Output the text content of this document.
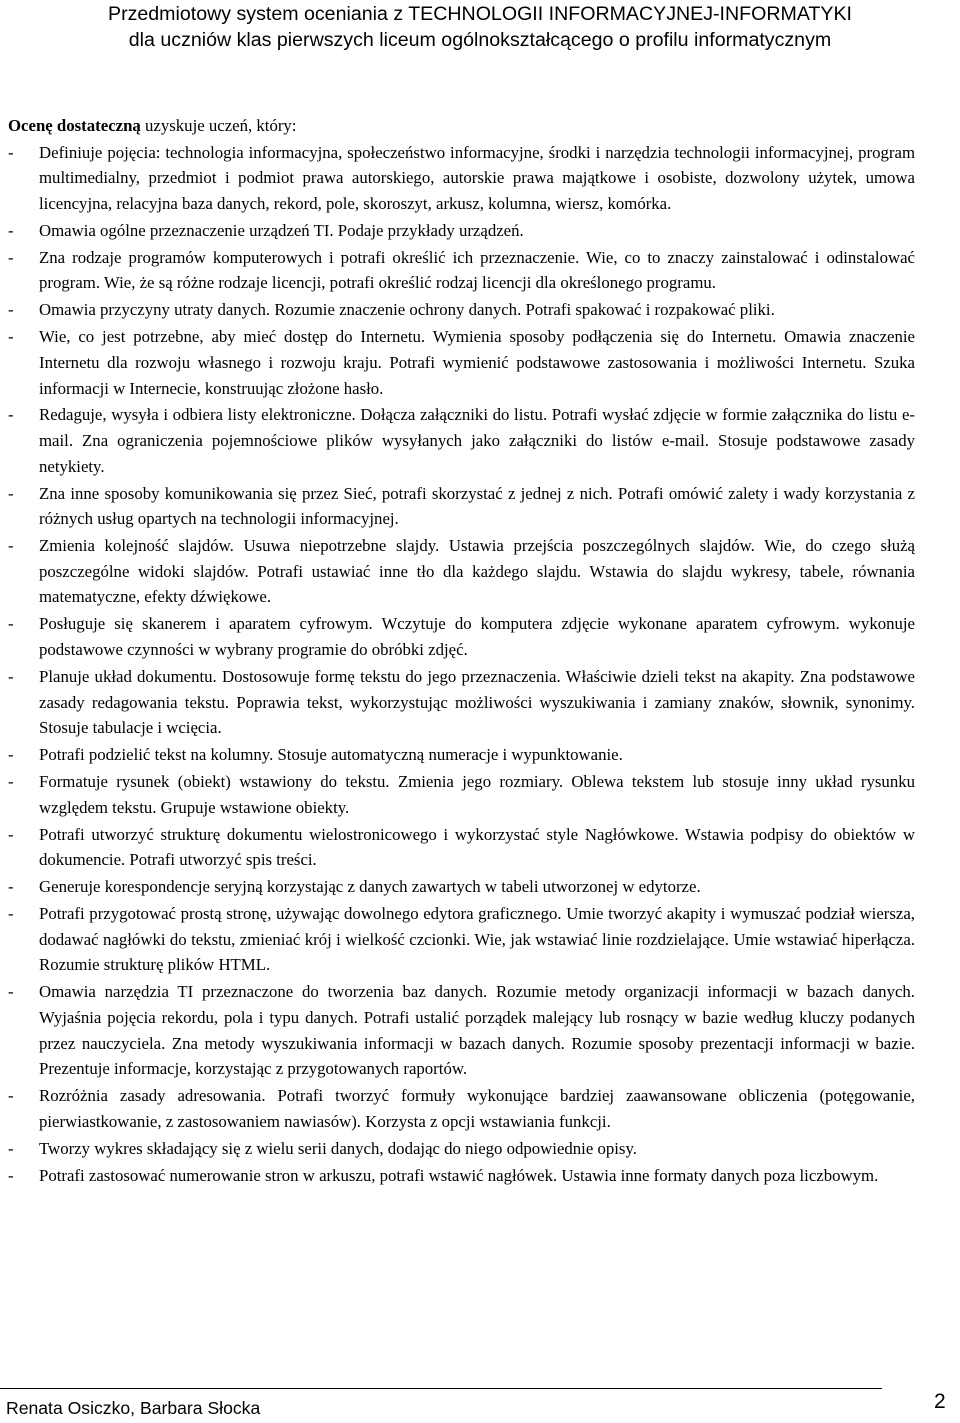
Przedmiotowy system oceniania z TECHNOLOGII INFORMACYJNEJ-INFORMATYKI
dla uczniów klas pierwszych liceum ogólnokształcącego o profilu informatycznym

Ocenę dostateczną uzyskuje uczeń, który:

- Definiuje pojęcia: technologia informacyjna, społeczeństwo informacyjne, środki i narzędzia technologii informacyjnej, program multimedialny, przedmiot i podmiot prawa autorskiego, autorskie prawa majątkowe i osobiste, dozwolony użytek, umowa licencyjna, relacyjna baza danych, rekord, pole, skoroszyt, arkusz, kolumna, wiersz, komórka.
- Omawia ogólne przeznaczenie urządzeń TI. Podaje przykłady urządzeń.
- Zna rodzaje programów komputerowych i potrafi określić ich przeznaczenie. Wie, co to znaczy zainstalować i odinstalować program. Wie, że są różne rodzaje licencji, potrafi określić rodzaj licencji dla określonego programu.
- Omawia przyczyny utraty danych. Rozumie znaczenie ochrony danych. Potrafi spakować i rozpakować pliki.
- Wie, co jest potrzebne, aby mieć dostęp do Internetu. Wymienia sposoby podłączenia się do Internetu. Omawia znaczenie Internetu dla rozwoju własnego i rozwoju kraju. Potrafi wymienić podstawowe zastosowania i możliwości Internetu. Szuka informacji w Internecie, konstruując złożone hasło.
- Redaguje, wysyła i odbiera listy elektroniczne. Dołącza załączniki do listu. Potrafi wysłać zdjęcie w formie załącznika do listu e-mail. Zna ograniczenia pojemnościowe plików wysyłanych jako załączniki do listów e-mail. Stosuje podstawowe zasady netykiety.
- Zna inne sposoby komunikowania się przez Sieć, potrafi skorzystać z jednej z nich. Potrafi omówić zalety i wady korzystania z różnych usług opartych na technologii informacyjnej.
- Zmienia kolejność slajdów. Usuwa niepotrzebne slajdy. Ustawia przejścia poszczególnych slajdów. Wie, do czego służą poszczególne widoki slajdów. Potrafi ustawiać inne tło dla każdego slajdu. Wstawia do slajdu wykresy, tabele, równania matematyczne, efekty dźwiękowe.
- Posługuje się skanerem i aparatem cyfrowym. Wczytuje do komputera zdjęcie wykonane aparatem cyfrowym. wykonuje podstawowe czynności w wybrany programie do obróbki zdjęć.
- Planuje układ dokumentu. Dostosowuje formę tekstu do jego przeznaczenia. Właściwie dzieli tekst na akapity. Zna podstawowe zasady redagowania tekstu. Poprawia tekst, wykorzystując możliwości wyszukiwania i zamiany znaków, słownik, synonimy. Stosuje tabulacje i wcięcia.
- Potrafi podzielić tekst na kolumny. Stosuje automatyczną numeracje i wypunktowanie.
- Formatuje rysunek (obiekt) wstawiony do tekstu. Zmienia jego rozmiary. Oblewa tekstem lub stosuje inny układ rysunku względem tekstu. Grupuje wstawione obiekty.
- Potrafi utworzyć strukturę dokumentu wielostronicowego i wykorzystać style Nagłówkowe. Wstawia podpisy do obiektów w dokumencie. Potrafi utworzyć spis treści.
- Generuje korespondencje seryjną korzystając z danych zawartych w tabeli utworzonej w edytorze.
- Potrafi przygotować prostą stronę, używając dowolnego edytora graficznego. Umie tworzyć akapity i wymuszać podział wiersza, dodawać nagłówki do tekstu, zmieniać krój i wielkość czcionki. Wie, jak wstawiać linie rozdzielające. Umie wstawiać hiperłącza. Rozumie strukturę plików HTML.
- Omawia narzędzia TI przeznaczone do tworzenia baz danych. Rozumie metody organizacji informacji w bazach danych. Wyjaśnia pojęcia rekordu, pola i typu danych. Potrafi ustalić porządek malejący lub rosnący w bazie według kluczy podanych przez nauczyciela. Zna metody wyszukiwania informacji w bazach danych. Rozumie sposoby prezentacji informacji w bazie. Prezentuje informacje, korzystając z przygotowanych raportów.
- Rozróżnia zasady adresowania. Potrafi tworzyć formuły wykonujące bardziej zaawansowane obliczenia (potęgowanie, pierwiastkowanie, z zastosowaniem nawiasów). Korzysta z opcji wstawiania funkcji.
- Tworzy wykres składający się z wielu serii danych, dodając do niego odpowiednie opisy.
- Potrafi zastosować numerowanie stron w arkuszu, potrafi wstawić nagłówek. Ustawia inne formaty danych poza liczbowym.
Renata Osiczko, Barbara Słocka	2
